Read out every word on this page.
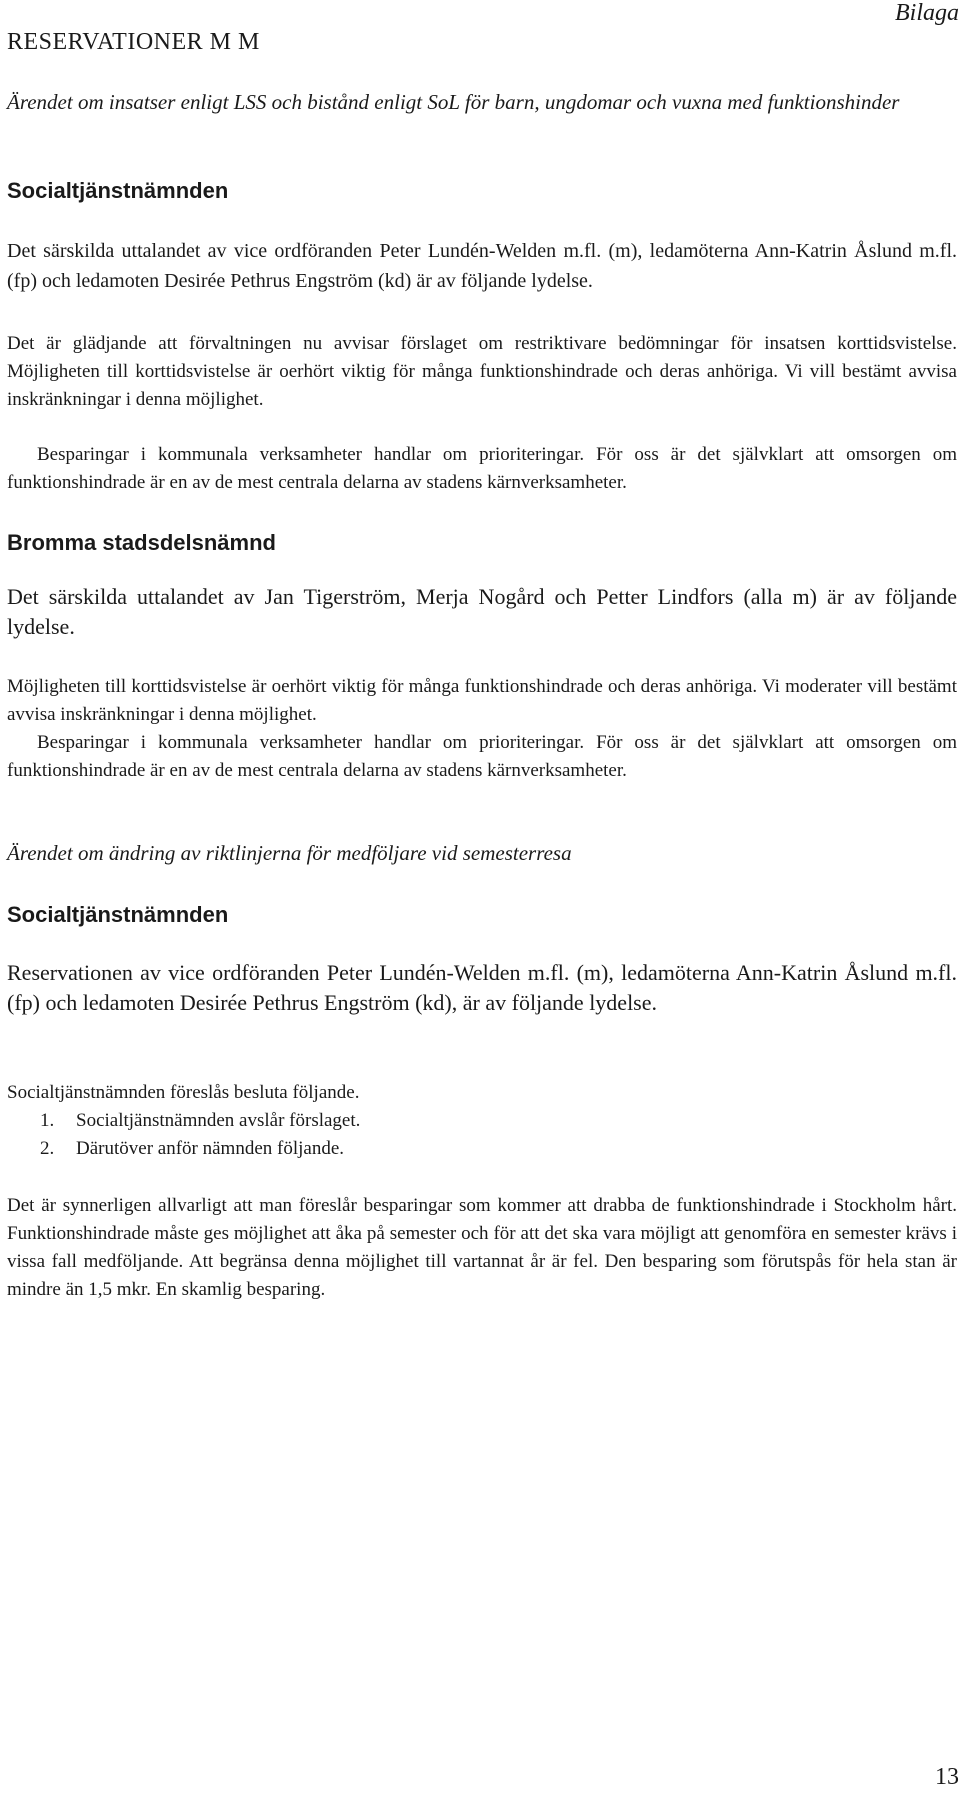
Bilaga
RESERVATIONER M M

Ärendet om insatser enligt LSS och bistånd enligt SoL för barn, ungdomar och vuxna med funktionshinder

Socialtjänstnämnden

Det särskilda uttalandet av vice ordföranden Peter Lundén-Welden m.fl. (m), ledamöterna Ann-Katrin Åslund m.fl. (fp) och ledamoten Desirée Pethrus Engström (kd) är av följande lydelse.

Det är glädjande att förvaltningen nu avvisar förslaget om restriktivare bedömningar för insatsen korttidsvistelse. Möjligheten till korttidsvistelse är oerhört viktig för många funktionshindrade och deras anhöriga. Vi vill bestämt avvisa inskränkningar i denna möjlighet.

Besparingar i kommunala verksamheter handlar om prioriteringar. För oss är det självklart att omsorgen om funktionshindrade är en av de mest centrala delarna av stadens kärnverksamheter.

Bromma stadsdelsnämnd

Det särskilda uttalandet av Jan Tigerström, Merja Nogård och Petter Lindfors (alla m) är av följande lydelse.

Möjligheten till korttidsvistelse är oerhört viktig för många funktionshindrade och deras anhöriga. Vi moderater vill bestämt avvisa inskränkningar i denna möjlighet.

Besparingar i kommunala verksamheter handlar om prioriteringar. För oss är det självklart att omsorgen om funktionshindrade är en av de mest centrala delarna av stadens kärnverksamheter.

Ärendet om ändring av riktlinjerna för medföljare vid semesterresa

Socialtjänstnämnden

Reservationen av vice ordföranden Peter Lundén-Welden m.fl. (m), ledamöterna Ann-Katrin Åslund m.fl. (fp) och ledamoten Desirée Pethrus Engström (kd), är av följande lydelse.

Socialtjänstnämnden föreslås besluta följande.

1.	Socialtjänstnämnden avslår förslaget.
2.	Därutöver anför nämnden följande.

Det är synnerligen allvarligt att man föreslår besparingar som kommer att drabba de funktionshindrade i Stockholm hårt. Funktionshindrade måste ges möjlighet att åka på semester och för att det ska vara möjligt att genomföra en semester krävs i vissa fall medföljande. Att begränsa denna möjlighet till vartannat år är fel. Den besparing som förutspås för hela stan är mindre än 1,5 mkr. En skamlig besparing.

13
